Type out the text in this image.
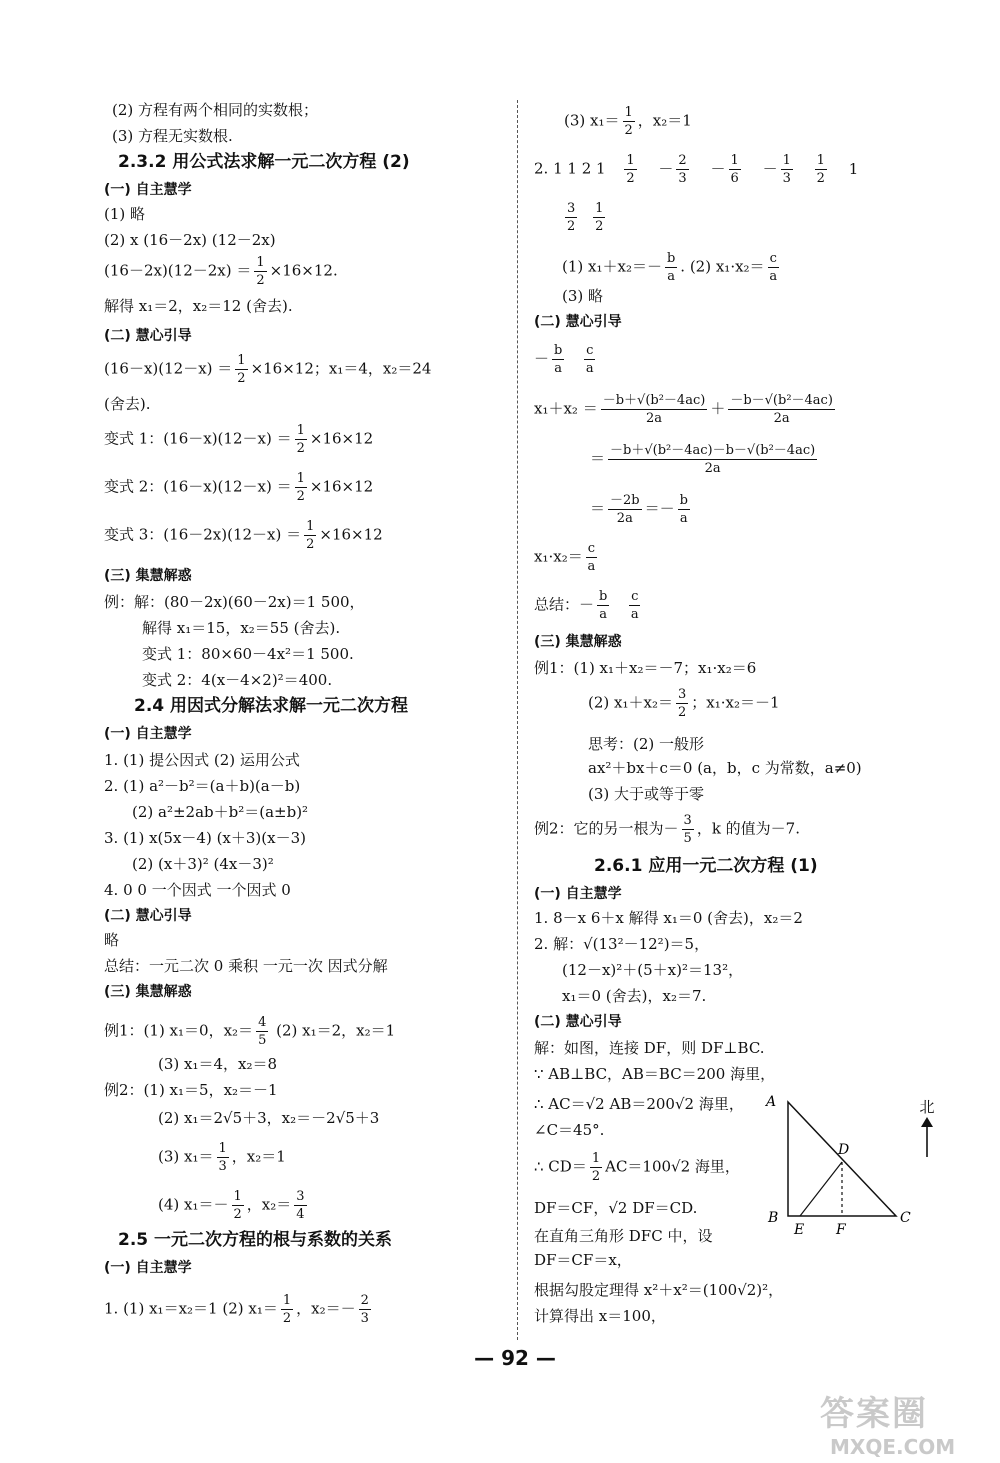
(2) 方程有两个相同的实数根；
(3) 方程无实数根.
2.3.2 用公式法求解一元二次方程 (2)
(一) 自主慧学
(1) 略
(2) x (16－2x) (12－2x)
$(16-2x)(12-2x) = \frac{1}{2} \times 16\times 12$.
解得 x₁＝2，x₂＝12 (舍去).
(二) 慧心引导
$(16-x)(12-x) = \frac{1}{2} \times 16\times 12$；x₁＝4，x₂＝24
(舍去).
变式 1：$(16-x)(12-x) = \frac{1}{2} \times 16\times 12$
变式 2：$(16-x)(12-x) = \frac{1}{2} \times 16\times 12$
变式 3：$(16-2x)(12-x) = \frac{1}{2} \times 16\times 12$
(三) 集慧解惑
例：解：(80－2x)(60－2x)＝1 500，
解得 x₁＝15，x₂＝55 (舍去).
变式 1：80×60－4x²＝1 500.
变式 2：4(x－4×2)²＝400.
2.4 用因式分解法求解一元二次方程
(一) 自主慧学
1. (1) 提公因式 (2) 运用公式
2. (1) a²－b²＝(a＋b)(a－b)
(2) a²±2ab＋b²＝(a±b)²
3. (1) x(5x－4) (x＋3)(x－3)
(2) (x＋3)² (4x－3)²
4. 0 0 一个因式 一个因式 0
(二) 慧心引导
略
总结：一元二次 0 乘积 一元一次 因式分解
(三) 集慧解惑
例1：(1) x₁＝0，$x_2= \frac{4}{5} (2)$ x₁＝2，x₂＝1
(3) x₁＝4，x₂＝8
例2：(1) x₁＝5，x₂＝－1
(2) x₁＝2√5＋3，x₂＝－2√5＋3
(3) $x_1= \frac{1}{3}$ ，x₂＝1
(4) $x_1=- \frac{1}{2}$ ，$x_2= \frac{3}{4}$
2.5 一元二次方程的根与系数的关系
(一) 自主慧学
1. (1) x₁＝x₂＝1 (2) $x_1= \frac{1}{2}$ ，$x_2=- \frac{2}{3}$
(3) $x_1= \frac{1}{2}$ ，x₂＝1
2. 1 1 2 $1 \frac{1}{2} - \frac{2}{3} - \frac{1}{6} - \frac{1}{3}$
$\frac{1}{2} 1$
$\frac{3}{2}$
$\frac{1}{2}$
(1) $x_1+x_2=- \frac{b}{a}$ . (2) $x_1\cdot x_2= \frac{c}{a}$
(3) 略
(二) 慧心引导
－ $\frac{b}{a}$
$\frac{c}{a}$
$x_1+x_2 = \frac{\text{－b＋√(b²－4ac)}}{2a} + \frac{\text{－b－√(b²－4ac)}}{2a}$
＝ $\frac{\text{－b＋√(b²－4ac)－b－√(b²－4ac)}}{2a}$
＝ $\frac{-2b}{2a} =- \frac{b}{a}$
$x_1\cdot x_2= \frac{c}{a}$
总结：－ $\frac{b}{a}$
$\frac{c}{a}$
(三) 集慧解惑
例1：(1) x₁＋x₂＝－7；x₁·x₂＝6
(2) $x_1+x_2= \frac{3}{2}$ ；x₁·x₂＝－1
思考：(2) 一般形
ax²＋bx＋c＝0 (a，b，c 为常数，a≠0)
(3) 大于或等于零
例2：它的另一根为－ $\frac{3}{5}$ ，k 的值为－7.
2.6.1 应用一元二次方程 (1)
(一) 自主慧学
1. 8－x 6＋x 解得 x₁＝0 (舍去)，x₂＝2
2. 解：√(13²－12²)＝5，
(12－x)²＋(5＋x)²＝13²，
x₁＝0 (舍去)，x₂＝7.
(二) 慧心引导
解：如图，连接 DF，则 DF⊥BC.
∵ AB⊥BC，AB＝BC＝200 海里，
∴ AC＝√2 AB＝200√2 海里，
∠C＝45°.
∴ $CD= \frac{1}{2} AC=100√2$ 海里，
DF＝CF，√2 DF＝CD.
在直角三角形 DFC 中，设
DF＝CF＝x，
根据勾股定理得 x²＋x²＝(100√2)²，
计算得出 x＝100，
A
B	C
D
E F
北
— 92 —
答案圈
MXQE.COM
